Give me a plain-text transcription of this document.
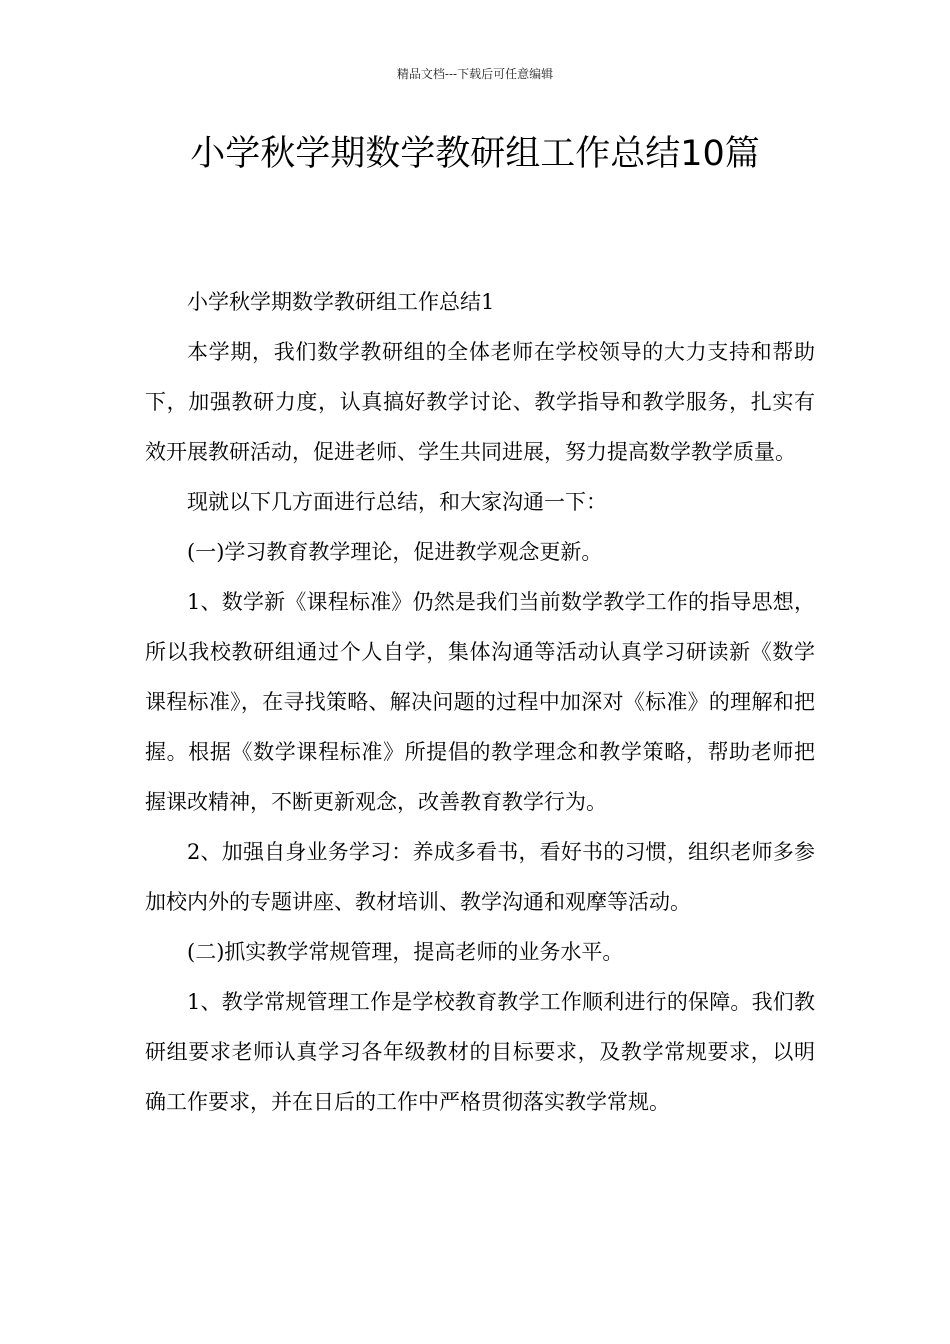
精品文档---下载后可任意编辑
小学秋学期数学教研组工作总结10篇

小学秋学期数学教研组工作总结1

本学期，我们数学教研组的全体老师在学校领导的大力支持和帮助下，加强教研力度，认真搞好教学讨论、教学指导和教学服务，扎实有效开展教研活动，促进老师、学生共同进展，努力提高数学教学质量。

现就以下几方面进行总结，和大家沟通一下：

(一)学习教育教学理论，促进教学观念更新。

1、数学新《课程标准》仍然是我们当前数学教学工作的指导思想，所以我校教研组通过个人自学，集体沟通等活动认真学习研读新《数学课程标准》，在寻找策略、解决问题的过程中加深对《标准》的理解和把握。根据《数学课程标准》所提倡的教学理念和教学策略，帮助老师把握课改精神，不断更新观念，改善教育教学行为。

2、加强自身业务学习：养成多看书，看好书的习惯，组织老师多参加校内外的专题讲座、教材培训、教学沟通和观摩等活动。

(二)抓实教学常规管理，提高老师的业务水平。

1、教学常规管理工作是学校教育教学工作顺利进行的保障。我们教研组要求老师认真学习各年级教材的目标要求，及教学常规要求，以明确工作要求，并在日后的工作中严格贯彻落实教学常规。
